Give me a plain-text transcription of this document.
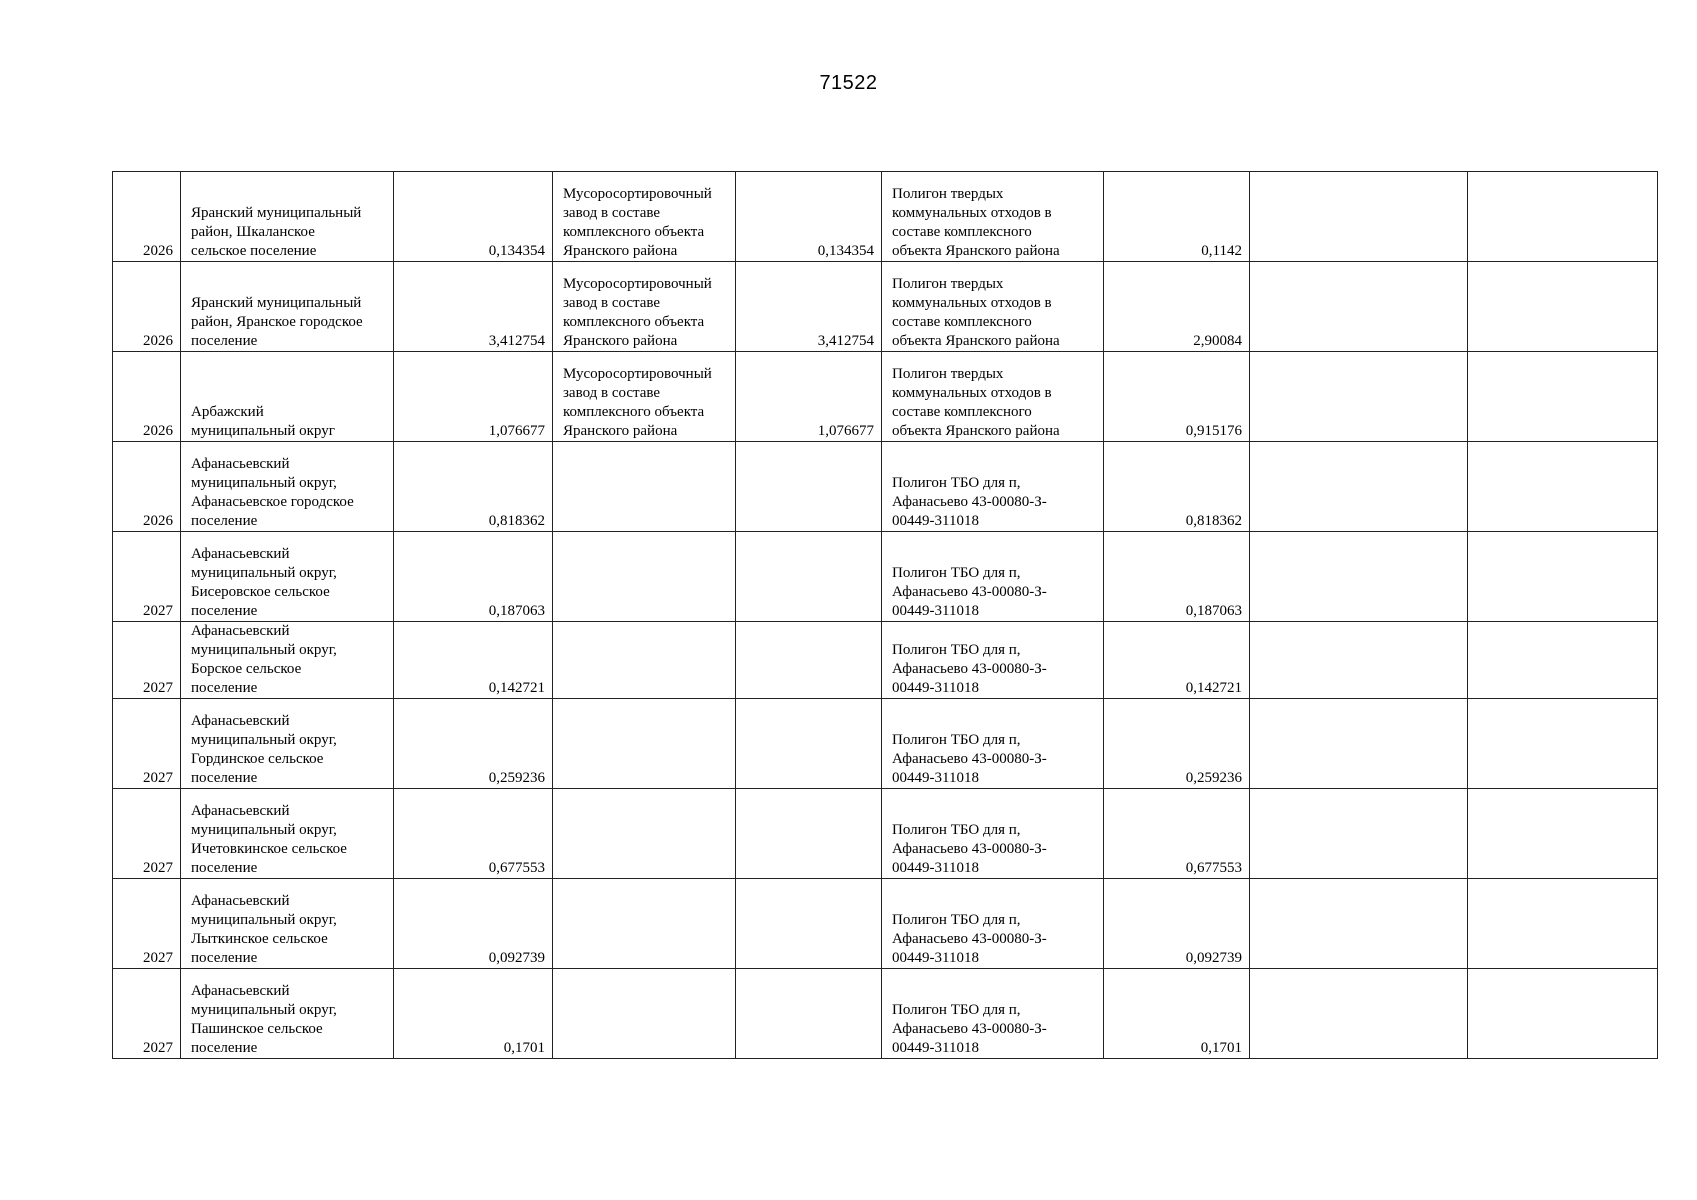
71522
2026	Яранский муниципальный
район, Шкаланское
сельское поселение	0,134354	Мусоросортировочный
завод в составе
комплексного объекта
Яранского района	0,134354	Полигон твердых
коммунальных отходов в
составе комплексного
объекта Яранского района	0,1142		
2026	Яранский муниципальный
район, Яранское городское
поселение	3,412754	Мусоросортировочный
завод в составе
комплексного объекта
Яранского района	3,412754	Полигон твердых
коммунальных отходов в
составе комплексного
объекта Яранского района	2,90084		
2026	Арбажский
муниципальный округ	1,076677	Мусоросортировочный
завод в составе
комплексного объекта
Яранского района	1,076677	Полигон твердых
коммунальных отходов в
составе комплексного
объекта Яранского района	0,915176		
2026	Афанасьевский
муниципальный округ,
Афанасьевское городское
поселение	0,818362			Полигон ТБО для п,
Афанасьево 43-00080-З-
00449-311018	0,818362		
2027	Афанасьевский
муниципальный округ,
Бисеровское сельское
поселение	0,187063			Полигон ТБО для п,
Афанасьево 43-00080-З-
00449-311018	0,187063		
2027	Афанасьевский
муниципальный округ,
Борское сельское
поселение	0,142721			Полигон ТБО для п,
Афанасьево 43-00080-З-
00449-311018	0,142721		
2027	Афанасьевский
муниципальный округ,
Гординское сельское
поселение	0,259236			Полигон ТБО для п,
Афанасьево 43-00080-З-
00449-311018	0,259236		
2027	Афанасьевский
муниципальный округ,
Ичетовкинское сельское
поселение	0,677553			Полигон ТБО для п,
Афанасьево 43-00080-З-
00449-311018	0,677553		
2027	Афанасьевский
муниципальный округ,
Лыткинское сельское
поселение	0,092739			Полигон ТБО для п,
Афанасьево 43-00080-З-
00449-311018	0,092739		
2027	Афанасьевский
муниципальный округ,
Пашинское сельское
поселение	0,1701			Полигон ТБО для п,
Афанасьево 43-00080-З-
00449-311018	0,1701		
